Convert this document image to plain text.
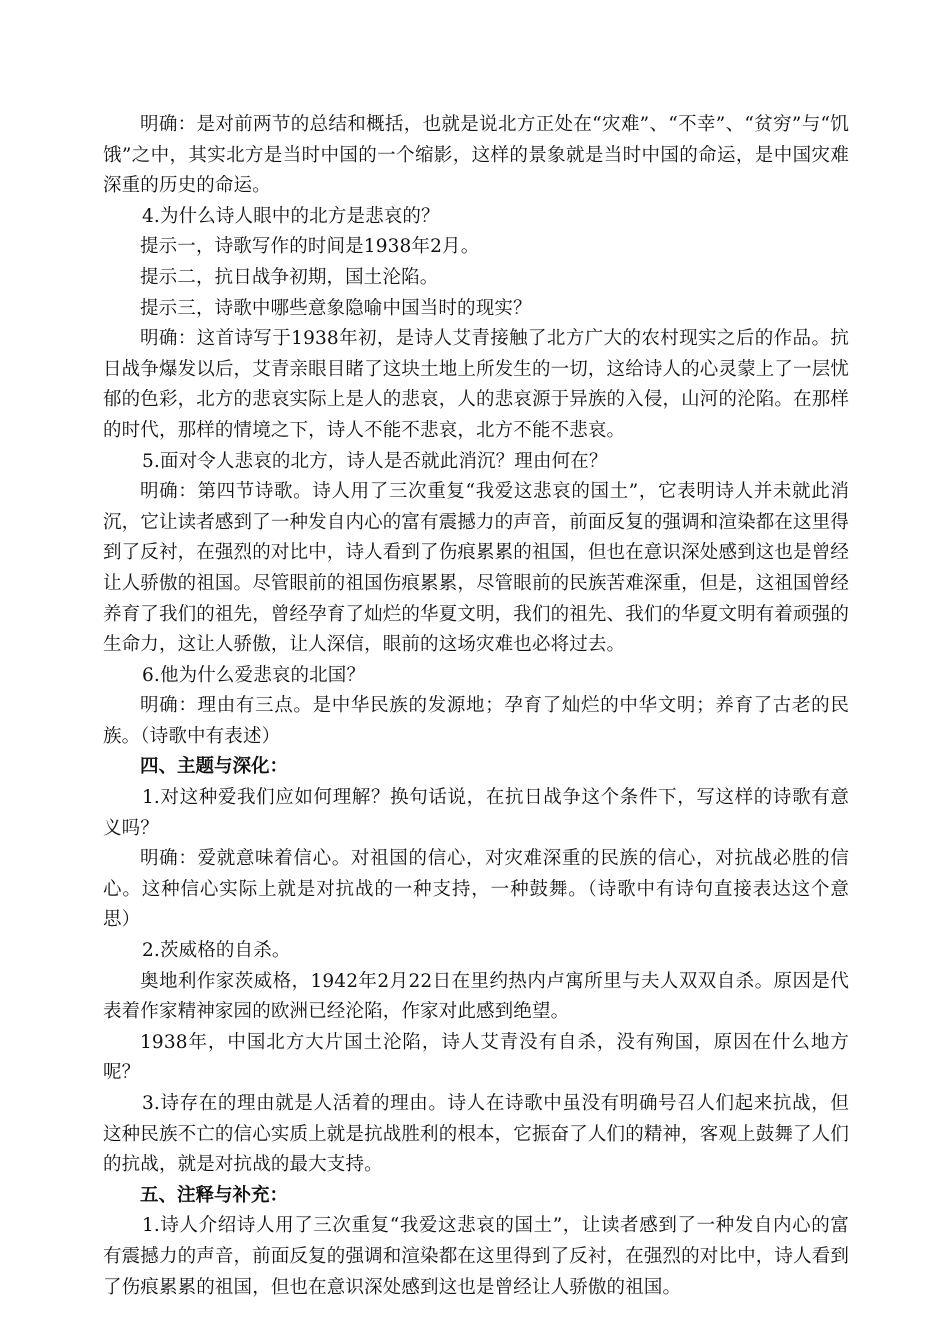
明确：是对前两节的总结和概括，也就是说北方正处在“灾难”、“不幸”、“贫穷”与“饥饿”之中，其实北方是当时中国的一个缩影，这样的景象就是当时中国的命运，是中国灾难深重的历史的命运。

4.为什么诗人眼中的北方是悲哀的？

提示一，诗歌写作的时间是1938年2月。

提示二，抗日战争初期，国土沦陷。

提示三，诗歌中哪些意象隐喻中国当时的现实？

明确：这首诗写于1938年初，是诗人艾青接触了北方广大的农村现实之后的作品。抗日战争爆发以后，艾青亲眼目睹了这块土地上所发生的一切，这给诗人的心灵蒙上了一层忧郁的色彩，北方的悲哀实际上是人的悲哀，人的悲哀源于异族的入侵，山河的沦陷。在那样的时代，那样的情境之下，诗人不能不悲哀，北方不能不悲哀。

5.面对令人悲哀的北方，诗人是否就此消沉？理由何在？

明确：第四节诗歌。诗人用了三次重复“我爱这悲哀的国土”，它表明诗人并未就此消沉，它让读者感到了一种发自内心的富有震撼力的声音，前面反复的强调和渲染都在这里得到了反衬，在强烈的对比中，诗人看到了伤痕累累的祖国，但也在意识深处感到这也是曾经让人骄傲的祖国。尽管眼前的祖国伤痕累累，尽管眼前的民族苦难深重，但是，这祖国曾经养育了我们的祖先，曾经孕育了灿烂的华夏文明，我们的祖先、我们的华夏文明有着顽强的生命力，这让人骄傲，让人深信，眼前的这场灾难也必将过去。

6.他为什么爱悲哀的北国？

明确：理由有三点。是中华民族的发源地；孕育了灿烂的中华文明；养育了古老的民族。（诗歌中有表述）

四、主题与深化：

1.对这种爱我们应如何理解？换句话说，在抗日战争这个条件下，写这样的诗歌有意义吗？

明确：爱就意味着信心。对祖国的信心，对灾难深重的民族的信心，对抗战必胜的信心。这种信心实际上就是对抗战的一种支持，一种鼓舞。（诗歌中有诗句直接表达这个意思）

2.茨威格的自杀。

奥地利作家茨威格，1942年2月22日在里约热内卢寓所里与夫人双双自杀。原因是代表着作家精神家园的欧洲已经沦陷，作家对此感到绝望。

1938年，中国北方大片国土沦陷，诗人艾青没有自杀，没有殉国，原因在什么地方呢？

3.诗存在的理由就是人活着的理由。诗人在诗歌中虽没有明确号召人们起来抗战，但这种民族不亡的信心实质上就是抗战胜利的根本，它振奋了人们的精神，客观上鼓舞了人们的抗战，就是对抗战的最大支持。

五、注释与补充：

1.诗人介绍诗人用了三次重复“我爱这悲哀的国土”，让读者感到了一种发自内心的富有震撼力的声音，前面反复的强调和渲染都在这里得到了反衬，在强烈的对比中，诗人看到了伤痕累累的祖国，但也在意识深处感到这也是曾经让人骄傲的祖国。
